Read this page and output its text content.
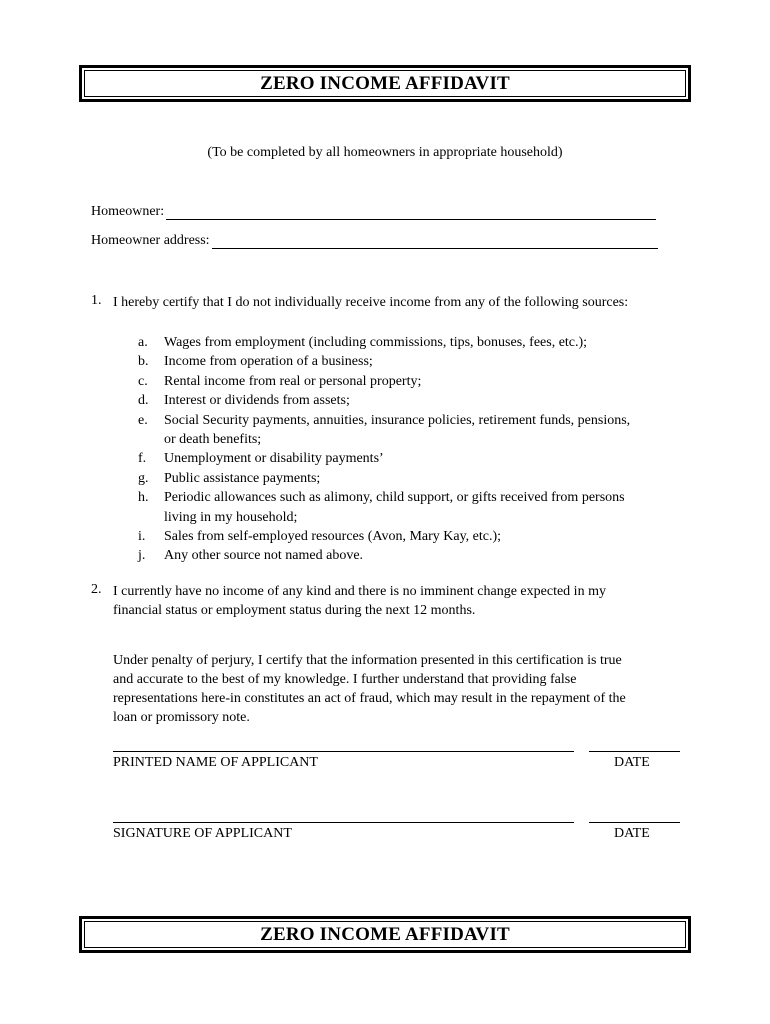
ZERO INCOME AFFIDAVIT
(To be completed by all homeowners in appropriate household)
Homeowner:
Homeowner address:
1. I hereby certify that I do not individually receive income from any of the following sources:
a.	Wages from employment (including commissions, tips, bonuses, fees, etc.);
b.	Income from operation of a business;
c.	Rental income from real or personal property;
d.	Interest or dividends from assets;
e.	Social Security payments, annuities, insurance policies, retirement funds, pensions,
or death benefits;
f.	Unemployment or disability payments’
g.	Public assistance payments;
h.	Periodic allowances such as alimony, child support, or gifts received from persons
living in my household;
i.	Sales from self-employed resources (Avon, Mary Kay, etc.);
j.	Any other source not named above.
2. I currently have no income of any kind and there is no imminent change expected in my
financial status or employment status during the next 12 months.
Under penalty of perjury, I certify that the information presented in this certification is true
and accurate to the best of my knowledge. I further understand that providing false
representations here-in constitutes an act of fraud, which may result in the repayment of the
loan or promissory note.
PRINTED NAME OF APPLICANT	DATE
SIGNATURE OF APPLICANT	DATE
ZERO INCOME AFFIDAVIT
